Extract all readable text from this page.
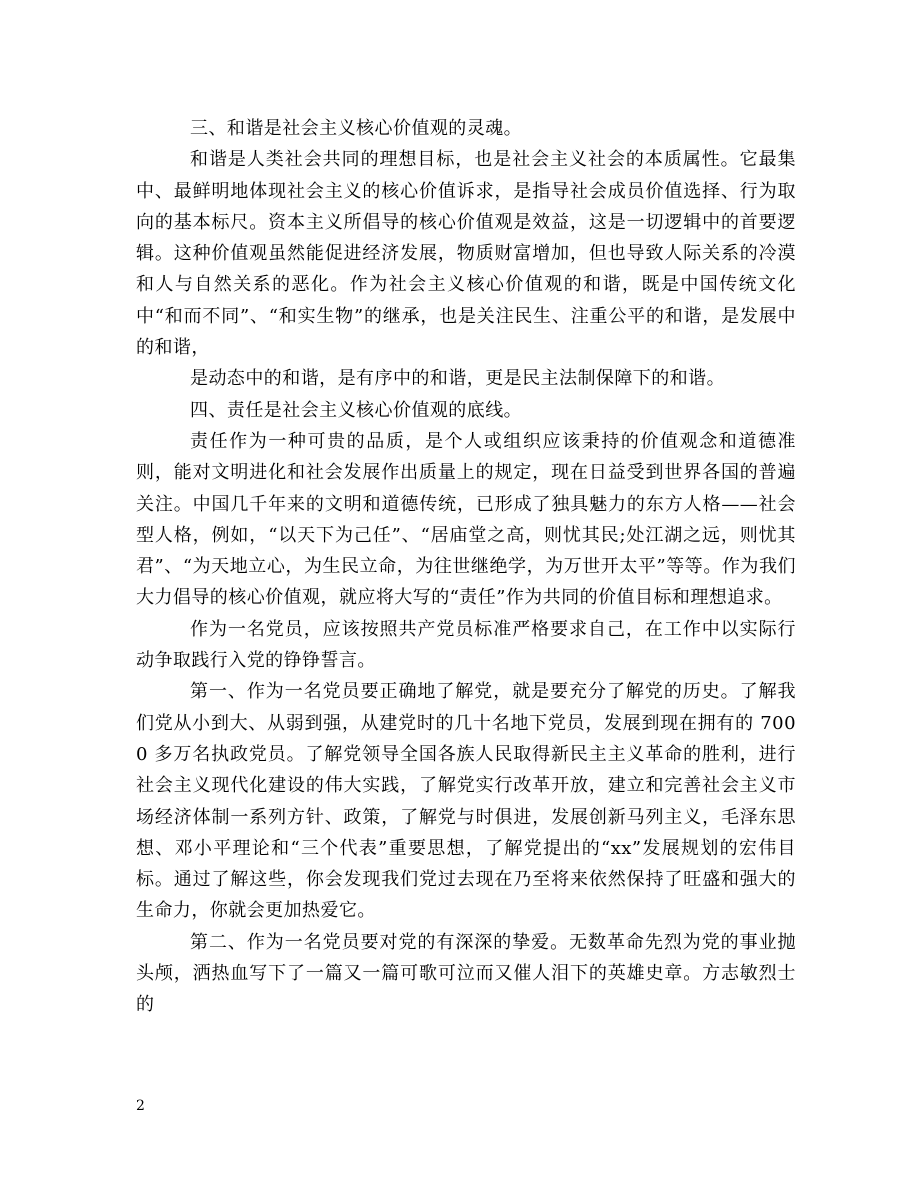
三、和谐是社会主义核心价值观的灵魂。

和谐是人类社会共同的理想目标，也是社会主义社会的本质属性。它最集中、最鲜明地体现社会主义的核心价值诉求，是指导社会成员价值选择、行为取向的基本标尺。资本主义所倡导的核心价值观是效益，这是一切逻辑中的首要逻辑。这种价值观虽然能促进经济发展，物质财富增加，但也导致人际关系的冷漠和人与自然关系的恶化。作为社会主义核心价值观的和谐，既是中国传统文化中“和而不同”、“和实生物”的继承，也是关注民生、注重公平的和谐，是发展中的和谐，

是动态中的和谐，是有序中的和谐，更是民主法制保障下的和谐。

四、责任是社会主义核心价值观的底线。

责任作为一种可贵的品质，是个人或组织应该秉持的价值观念和道德准则，能对文明进化和社会发展作出质量上的规定，现在日益受到世界各国的普遍关注。中国几千年来的文明和道德传统，已形成了独具魅力的东方人格——社会型人格，例如，“以天下为己任”、“居庙堂之高，则忧其民;处江湖之远，则忧其君”、“为天地立心，为生民立命，为往世继绝学，为万世开太平”等等。作为我们大力倡导的核心价值观，就应将大写的“责任”作为共同的价值目标和理想追求。

作为一名党员，应该按照共产党员标准严格要求自己，在工作中以实际行动争取践行入党的铮铮誓言。

第一、作为一名党员要正确地了解党，就是要充分了解党的历史。了解我们党从小到大、从弱到强，从建党时的几十名地下党员，发展到现在拥有的 7000 多万名执政党员。了解党领导全国各族人民取得新民主主义革命的胜利，进行社会主义现代化建设的伟大实践，了解党实行改革开放，建立和完善社会主义市场经济体制一系列方针、政策，了解党与时俱进，发展创新马列主义，毛泽东思想、邓小平理论和“三个代表”重要思想，了解党提出的“xx”发展规划的宏伟目标。通过了解这些，你会发现我们党过去现在乃至将来依然保持了旺盛和强大的生命力，你就会更加热爱它。

第二、作为一名党员要对党的有深深的挚爱。无数革命先烈为党的事业抛头颅，洒热血写下了一篇又一篇可歌可泣而又催人泪下的英雄史章。方志敏烈士的

2
